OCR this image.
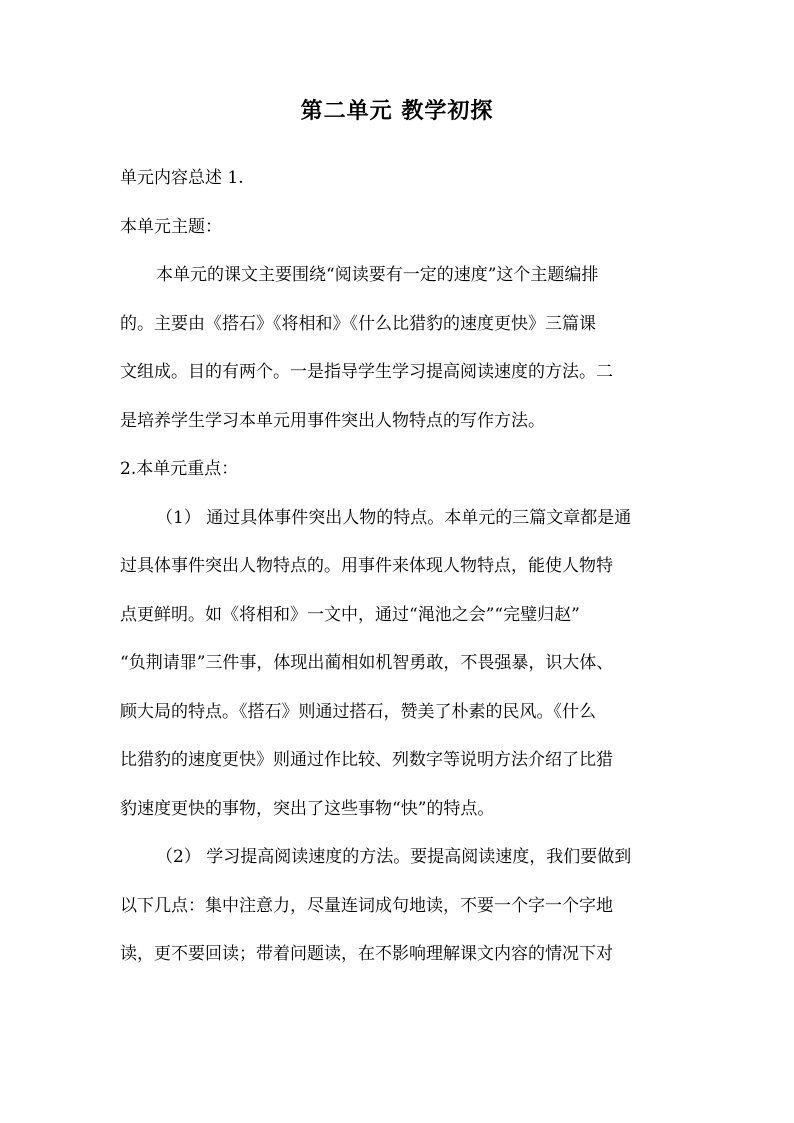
第二单元 教学初探
单元内容总述 1.
本单元主题：
本单元的课文主要围绕“阅读要有一定的速度”这个主题编排
的。主要由《搭石》《将相和》《什么比猎豹的速度更快》三篇课
文组成。目的有两个。一是指导学生学习提高阅读速度的方法。二
是培养学生学习本单元用事件突出人物特点的写作方法。
2.本单元重点：
（1） 通过具体事件突出人物的特点。本单元的三篇文章都是通
过具体事件突出人物特点的。用事件来体现人物特点，能使人物特
点更鲜明。如《将相和》一文中，通过“渑池之会”“完璧归赵”
“负荆请罪”三件事，体现出蔺相如机智勇敢，不畏强暴，识大体、
顾大局的特点。《搭石》则通过搭石，赞美了朴素的民风。《什么
比猎豹的速度更快》则通过作比较、列数字等说明方法介绍了比猎
豹速度更快的事物，突出了这些事物“快”的特点。
（2） 学习提高阅读速度的方法。要提高阅读速度，我们要做到
以下几点：集中注意力，尽量连词成句地读，不要一个字一个字地
读，更不要回读；带着问题读，在不影响理解课文内容的情况下对
